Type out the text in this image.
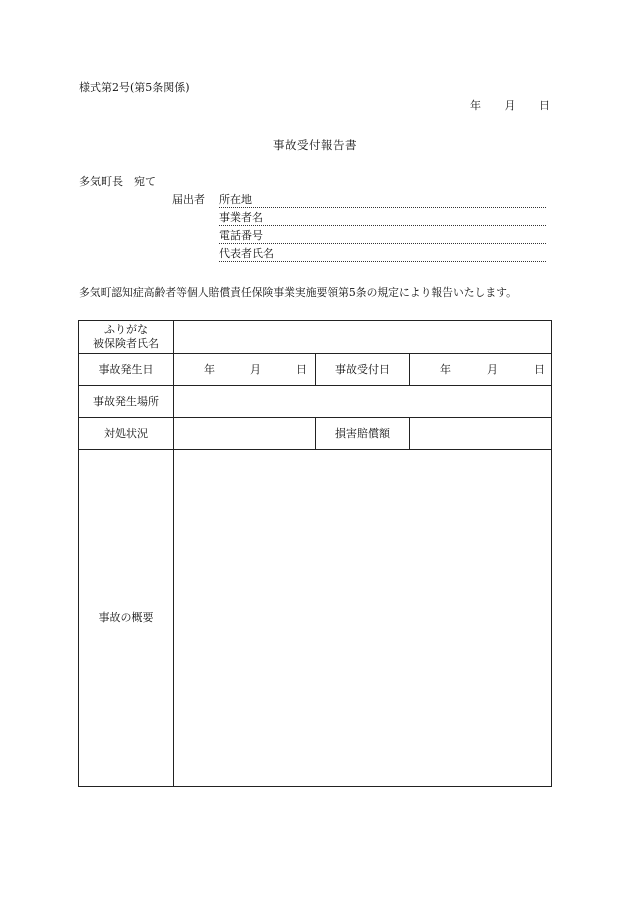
様式第2号(第5条関係)
年 月 日
事故受付報告書
多気町長　宛て
届出者 所在地
事業者名
電話番号
代表者氏名
多気町認知症高齢者等個人賠償責任保険事業実施要領第5条の規定により報告いたします。
ふりがな
被保険者氏名			

事故発生日	年 月 日	事故受付日	年 月 日

事故発生場所			
対処状況		損害賠償額	
事故の概要			
